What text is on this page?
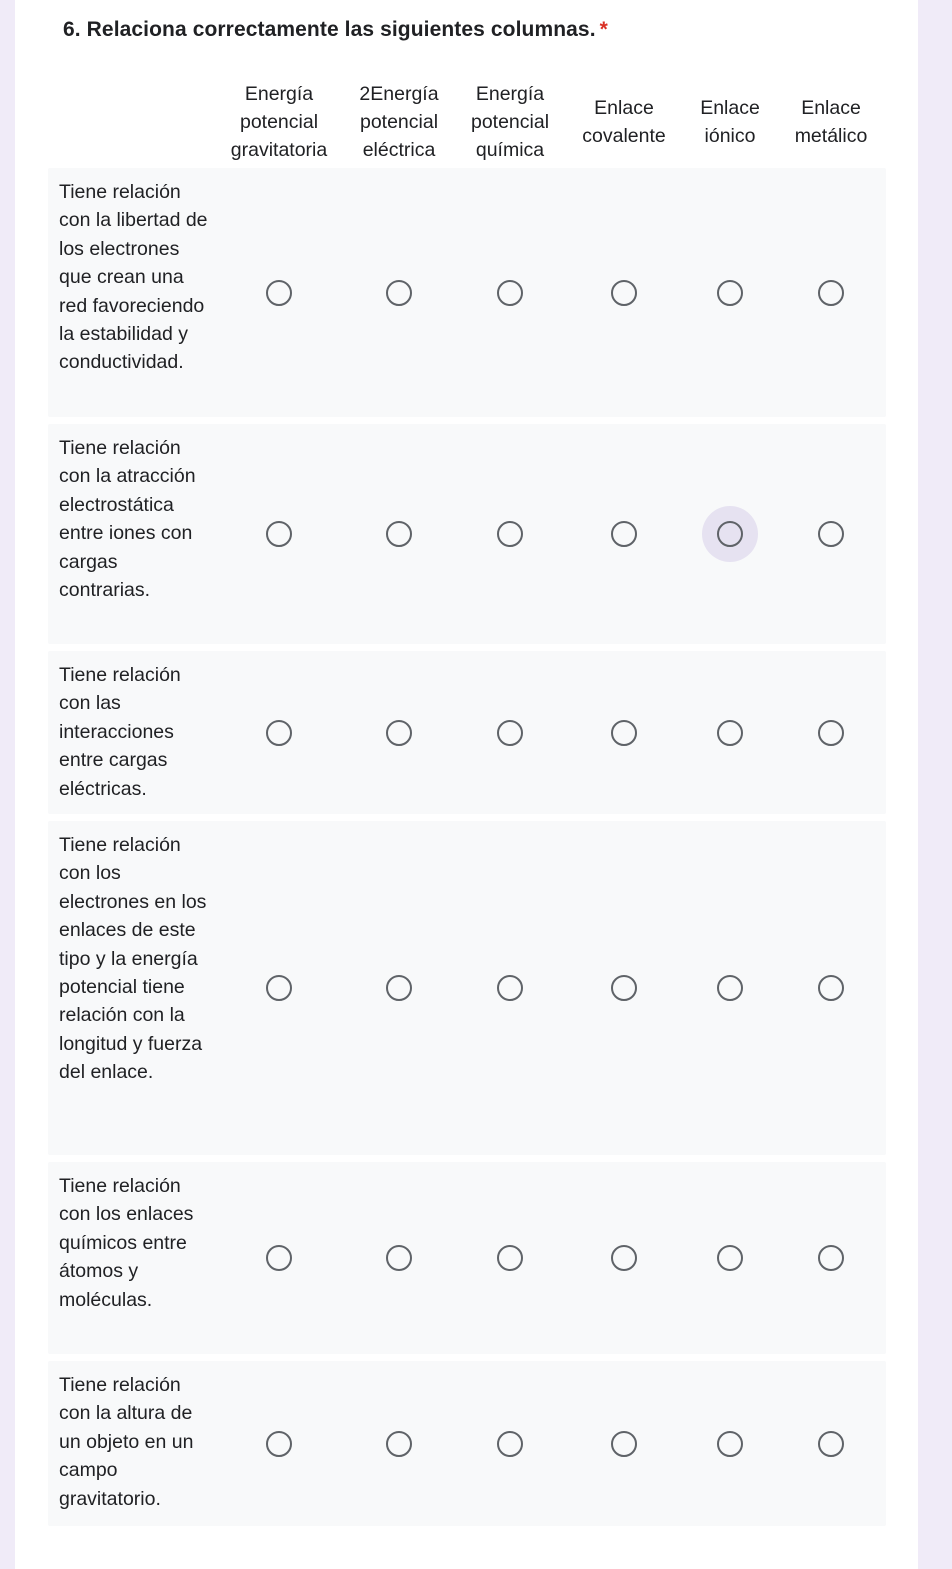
6. Relaciona correctamente las siguientes columnas. *
Energía
potencial
gravitatoria
2Energía
potencial
eléctrica
Energía
potencial
química
Enlace
covalente
Enlace
iónico
Enlace
metálico
Tiene relación con la libertad de los electrones que crean una red favoreciendo la estabilidad y conductividad.
Tiene relación con la atracción electrostática entre iones con cargas contrarias.
Tiene relación con las interacciones entre cargas eléctricas.
Tiene relación con los electrones en los enlaces de este tipo y la energía potencial tiene relación con la longitud y fuerza del enlace.
Tiene relación con los enlaces químicos entre átomos y moléculas.
Tiene relación con la altura de un objeto en un campo gravitatorio.
